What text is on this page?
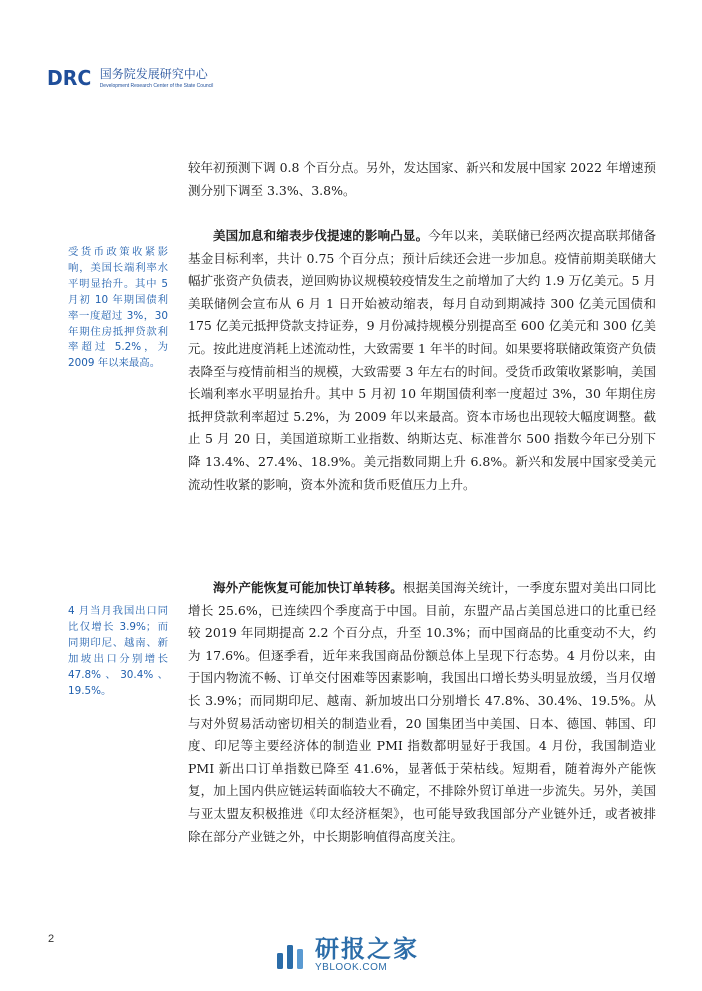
DRC 国务院发展研究中心
Development Research Center of the State Council

较年初预测下调 0.8 个百分点。另外，发达国家、新兴和发展中国家 2022 年增速预测分别下调至 3.3%、3.8%。

美国加息和缩表步伐提速的影响凸显。今年以来，美联储已经两次提高联邦储备基金目标利率，共计 0.75 个百分点；预计后续还会进一步加息。疫情前期美联储大幅扩张资产负债表，逆回购协议规模较疫情发生之前增加了大约 1.9 万亿美元。5 月美联储例会宣布从 6 月 1 日开始被动缩表，每月自动到期减持 300 亿美元国债和 175 亿美元抵押贷款支持证券，9 月份减持规模分别提高至 600 亿美元和 300 亿美元。按此进度消耗上述流动性，大致需要 1 年半的时间。如果要将联储政策资产负债表降至与疫情前相当的规模，大致需要 3 年左右的时间。受货币政策收紧影响，美国长端利率水平明显抬升。其中 5 月初 10 年期国债利率一度超过 3%，30 年期住房抵押贷款利率超过 5.2%，为 2009 年以来最高。资本市场也出现较大幅度调整。截止 5 月 20 日，美国道琼斯工业指数、纳斯达克、标准普尔 500 指数今年已分别下降 13.4%、27.4%、18.9%。美元指数同期上升 6.8%。新兴和发展中国家受美元流动性收紧的影响，资本外流和货币贬值压力上升。

海外产能恢复可能加快订单转移。根据美国海关统计，一季度东盟对美出口同比增长 25.6%，已连续四个季度高于中国。目前，东盟产品占美国总进口的比重已经较 2019 年同期提高 2.2 个百分点，升至 10.3%；而中国商品的比重变动不大，约为 17.6%。但逐季看，近年来我国商品份额总体上呈现下行态势。4 月份以来，由于国内物流不畅、订单交付困难等因素影响，我国出口增长势头明显放缓，当月仅增长 3.9%；而同期印尼、越南、新加坡出口分别增长 47.8%、30.4%、19.5%。从与对外贸易活动密切相关的制造业看，20 国集团当中美国、日本、德国、韩国、印度、印尼等主要经济体的制造业 PMI 指数都明显好于我国。4 月份，我国制造业 PMI 新出口订单指数已降至 41.6%，显著低于荣枯线。短期看，随着海外产能恢复，加上国内供应链运转面临较大不确定，不排除外贸订单进一步流失。另外，美国与亚太盟友积极推进《印太经济框架》，也可能导致我国部分产业链外迁，或者被排除在部分产业链之外，中长期影响值得高度关注。

受货币政策收紧影响，美国长端利率水平明显抬升。其中 5 月初 10 年期国债利率一度超过 3%，30 年期住房抵押贷款利率超过 5.2%，为 2009 年以来最高。
4 月当月我国出口同比仅增长 3.9%；而同期印尼、越南、新加坡出口分别增长 47.8%、30.4%、19.5%。
2	研报之家
YBLOOK.COM
